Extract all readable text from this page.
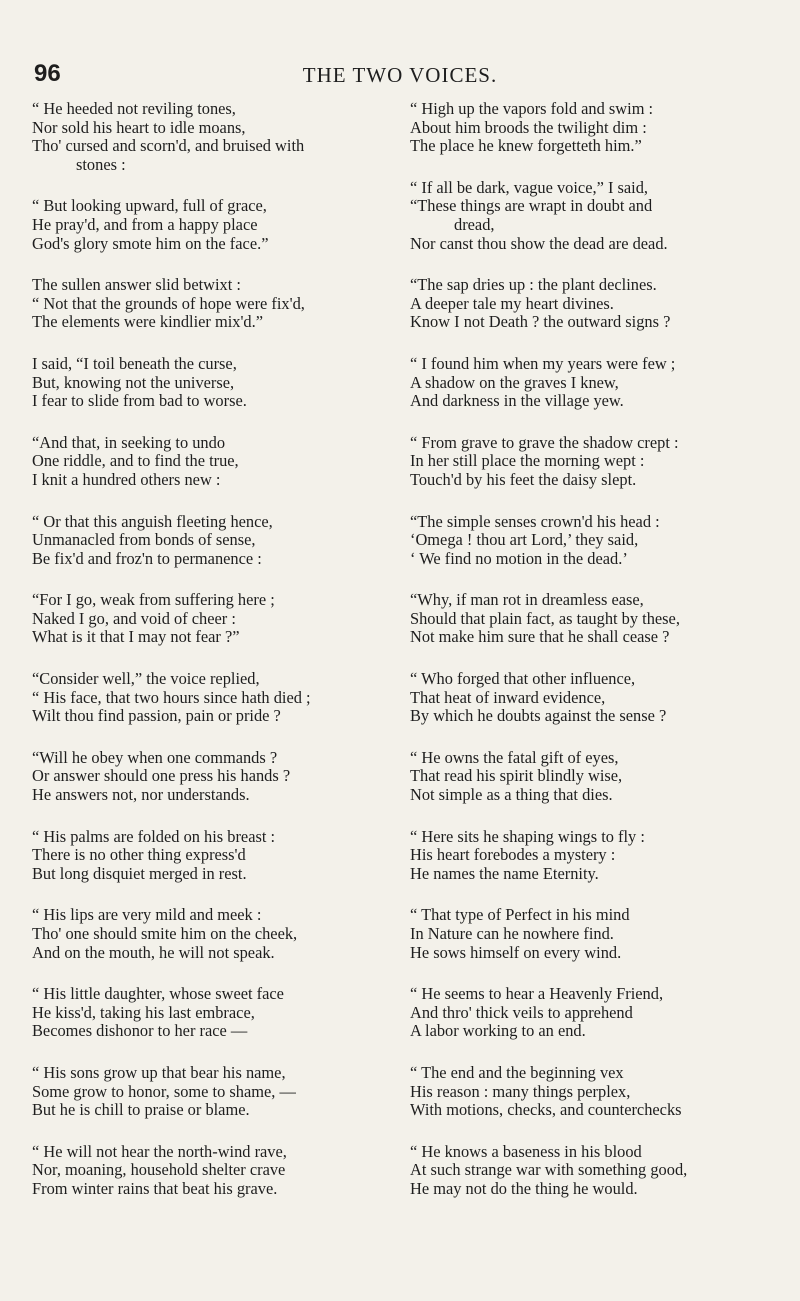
96	THE TWO VOICES.
“ He heeded not reviling tones,
Nor sold his heart to idle moans,
Tho' cursed and scorn'd, and bruised with
stones :
“ But looking upward, full of grace,
He pray'd, and from a happy place
God's glory smote him on the face.”
The sullen answer slid betwixt :
“ Not that the grounds of hope were fix'd,
The elements were kindlier mix'd.”
I said, “I toil beneath the curse,
But, knowing not the universe,
I fear to slide from bad to worse.
“And that, in seeking to undo
One riddle, and to find the true,
I knit a hundred others new :
“ Or that this anguish fleeting hence,
Unmanacled from bonds of sense,
Be fix'd and froz'n to permanence :
“For I go, weak from suffering here ;
Naked I go, and void of cheer :
What is it that I may not fear ?”
“Consider well,” the voice replied,
“ His face, that two hours since hath died ;
Wilt thou find passion, pain or pride ?
“Will he obey when one commands ?
Or answer should one press his hands ?
He answers not, nor understands.
“ His palms are folded on his breast :
There is no other thing express'd
But long disquiet merged in rest.
“ His lips are very mild and meek :
Tho' one should smite him on the cheek,
And on the mouth, he will not speak.
“ His little daughter, whose sweet face
He kiss'd, taking his last embrace,
Becomes dishonor to her race —
“ His sons grow up that bear his name,
Some grow to honor, some to shame, —
But he is chill to praise or blame.
“ He will not hear the north-wind rave,
Nor, moaning, household shelter crave
From winter rains that beat his grave.
“ High up the vapors fold and swim :
About him broods the twilight dim :
The place he knew forgetteth him.”
“ If all be dark, vague voice,” I said,
“These things are wrapt in doubt and
dread,
Nor canst thou show the dead are dead.
“The sap dries up : the plant declines.
A deeper tale my heart divines.
Know I not Death ? the outward signs ?
“ I found him when my years were few ;
A shadow on the graves I knew,
And darkness in the village yew.
“ From grave to grave the shadow crept :
In her still place the morning wept :
Touch'd by his feet the daisy slept.
“The simple senses crown'd his head :
‘Omega ! thou art Lord,’ they said,
‘ We find no motion in the dead.’
“Why, if man rot in dreamless ease,
Should that plain fact, as taught by these,
Not make him sure that he shall cease ?
“ Who forged that other influence,
That heat of inward evidence,
By which he doubts against the sense ?
“ He owns the fatal gift of eyes,
That read his spirit blindly wise,
Not simple as a thing that dies.
“ Here sits he shaping wings to fly :
His heart forebodes a mystery :
He names the name Eternity.
“ That type of Perfect in his mind
In Nature can he nowhere find.
He sows himself on every wind.
“ He seems to hear a Heavenly Friend,
And thro' thick veils to apprehend
A labor working to an end.
“ The end and the beginning vex
His reason : many things perplex,
With motions, checks, and counterchecks
“ He knows a baseness in his blood
At such strange war with something good,
He may not do the thing he would.
